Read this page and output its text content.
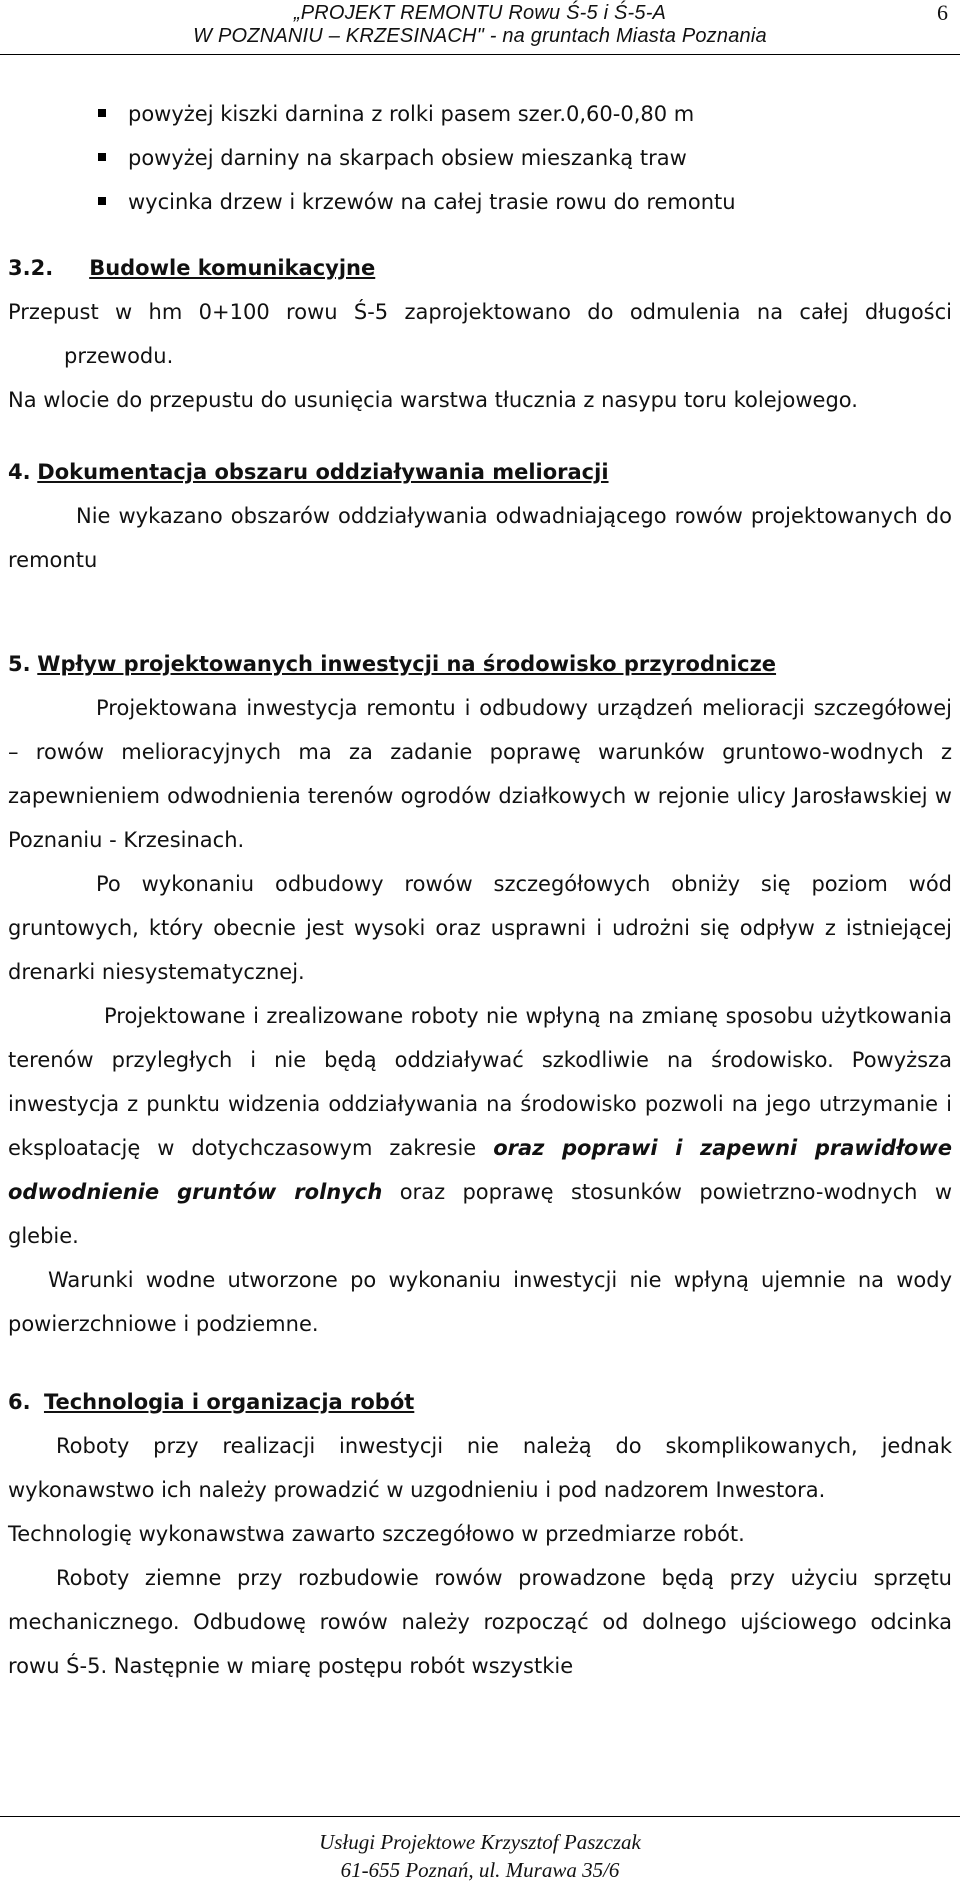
„PROJEKT REMONTU Rowu Ś-5 i Ś-5-A
W POZNANIU – KRZESINACH" - na gruntach Miasta Poznania
6
powyżej kiszki darnina z rolki pasem szer.0,60-0,80 m
powyżej darniny na skarpach obsiew mieszanką traw
wycinka drzew i krzewów na całej trasie rowu do remontu
3.2. Budowle komunikacyjne
Przepust w hm 0+100 rowu Ś-5 zaprojektowano do odmulenia na całej długości przewodu.
Na wlocie do przepustu do usunięcia warstwa tłucznia z nasypu toru kolejowego.
4. Dokumentacja obszaru oddziaływania melioracji
Nie wykazano obszarów oddziaływania odwadniającego rowów projektowanych do remontu
5. Wpływ projektowanych inwestycji na środowisko przyrodnicze
Projektowana inwestycja remontu i odbudowy urządzeń melioracji szczegółowej – rowów melioracyjnych ma za zadanie poprawę warunków gruntowo-wodnych z zapewnieniem odwodnienia terenów ogrodów działkowych w rejonie ulicy Jarosławskiej w Poznaniu - Krzesinach.
Po wykonaniu odbudowy rowów szczegółowych obniży się poziom wód gruntowych, który obecnie jest wysoki oraz usprawni i udrożni się odpływ z istniejącej drenarki niesystematycznej.
Projektowane i zrealizowane roboty nie wpłyną na zmianę sposobu użytkowania terenów przyległych i nie będą oddziaływać szkodliwie na środowisko. Powyższa inwestycja z punktu widzenia oddziaływania na środowisko pozwoli na jego utrzymanie i eksploatację w dotychczasowym zakresie oraz poprawi i zapewni prawidłowe odwodnienie gruntów rolnych oraz poprawę stosunków powietrzno-wodnych w glebie.
Warunki wodne utworzone po wykonaniu inwestycji nie wpłyną ujemnie na wody powierzchniowe i podziemne.
6. Technologia i organizacja robót
Roboty przy realizacji inwestycji nie należą do skomplikowanych, jednak wykonawstwo ich należy prowadzić w uzgodnieniu i pod nadzorem Inwestora.
Technologię wykonawstwa zawarto szczegółowo w przedmiarze robót.
Roboty ziemne przy rozbudowie rowów prowadzone będą przy użyciu sprzętu mechanicznego. Odbudowę rowów należy rozpocząć od dolnego ujściowego odcinka rowu Ś-5. Następnie w miarę postępu robót wszystkie
Usługi Projektowe Krzysztof Paszczak
61-655 Poznań, ul. Murawa 35/6
